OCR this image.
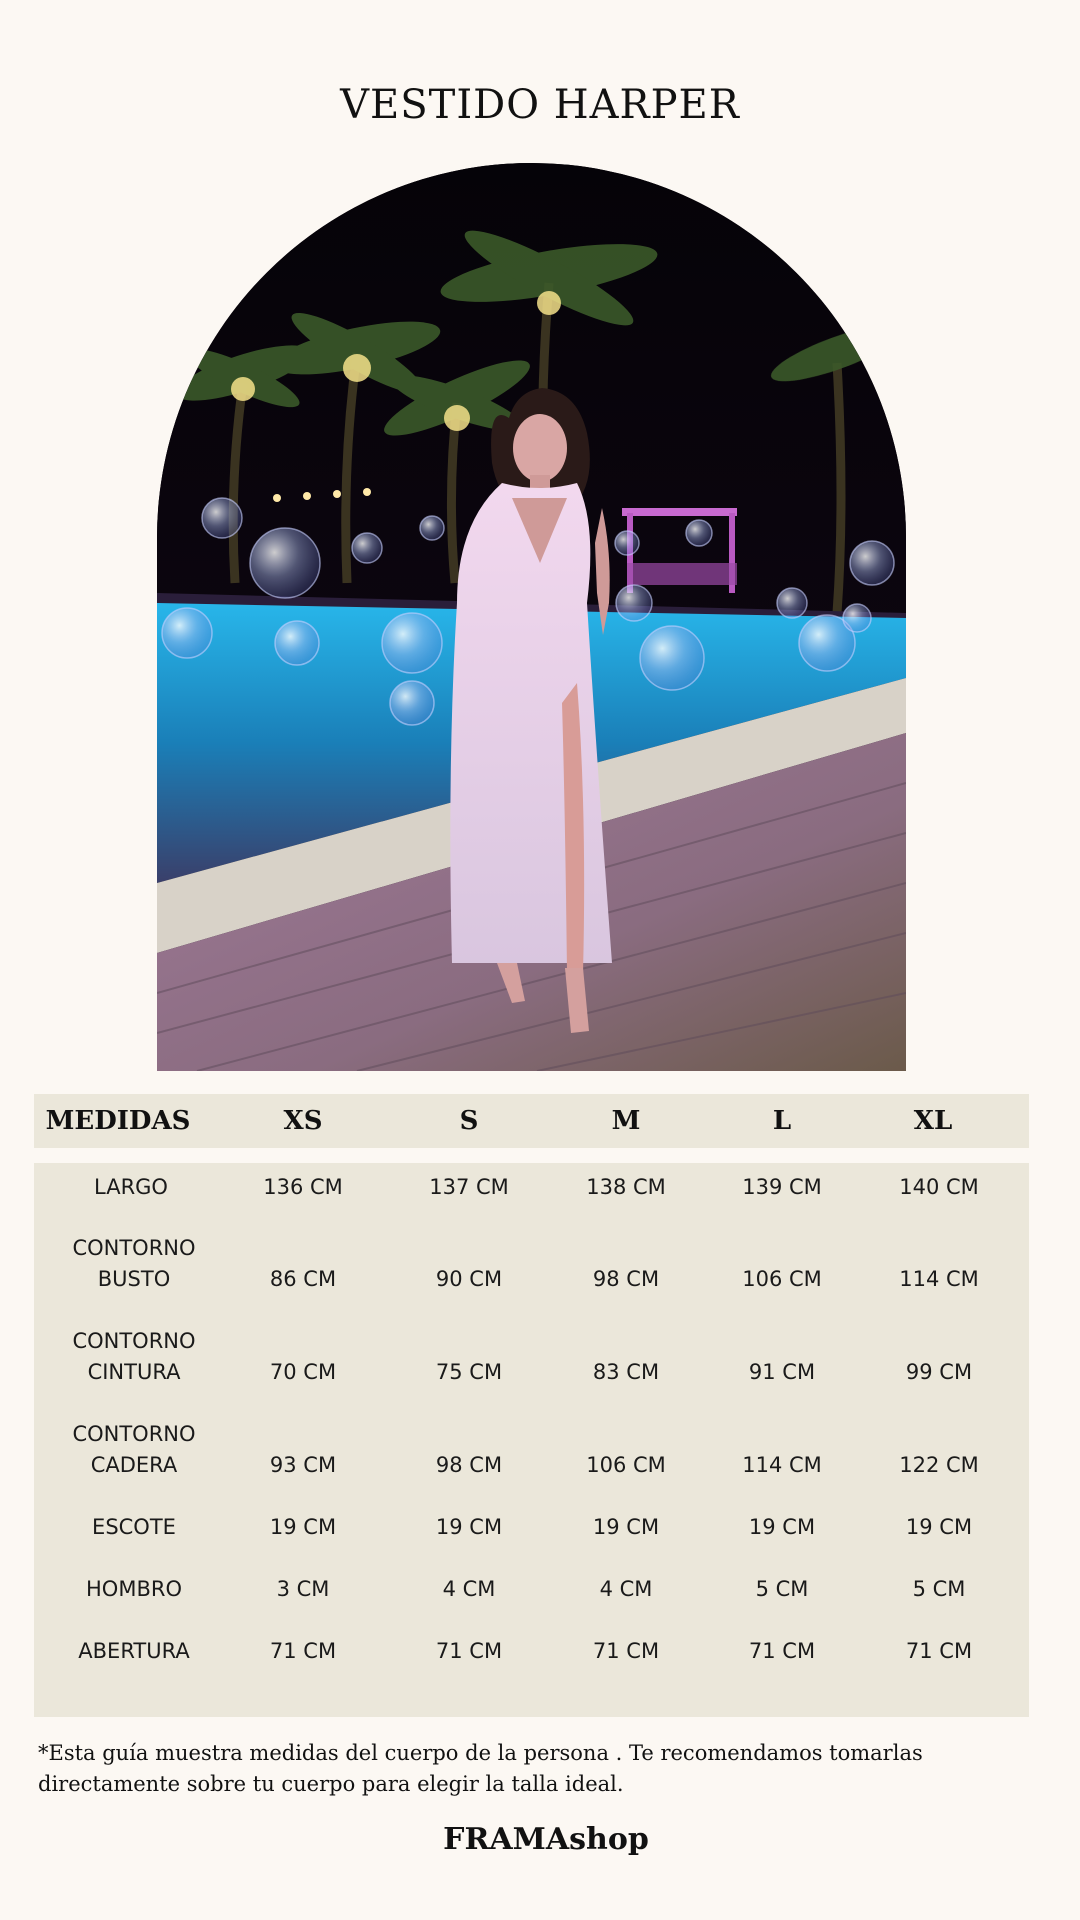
VESTIDO HARPER
MEDIDAS	XS	S	M	L	XL
LARGO	136 CM	137 CM	138 CM	139 CM	140 CM
CONTORNO BUSTO	86 CM	90 CM	98 CM	106 CM	114 CM
CONTORNO CINTURA	70 CM	75 CM	83 CM	91 CM	99 CM
CONTORNO CADERA	93 CM	98 CM	106 CM	114 CM	122 CM
ESCOTE	19 CM	19 CM	19 CM	19 CM	19 CM
HOMBRO	3 CM	4 CM	4 CM	5 CM	5 CM
ABERTURA	71 CM	71 CM	71 CM	71 CM	71 CM

*Esta guía muestra medidas del cuerpo de la persona . Te recomendamos tomarlas directamente sobre tu cuerpo para elegir la talla ideal.

FRAMAshop
